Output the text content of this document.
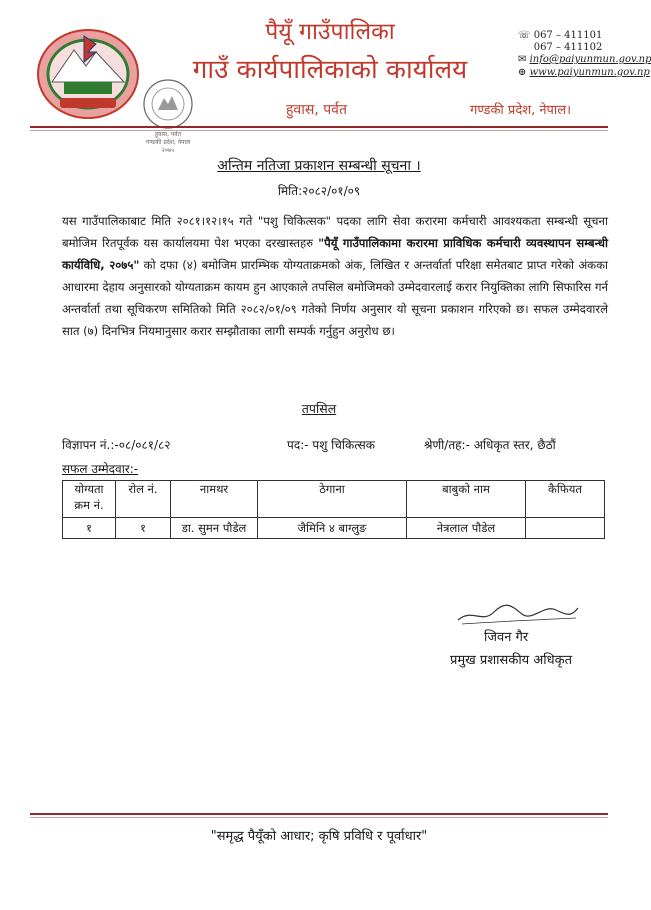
हुवास, पर्वत
गण्डकी प्रदेश, नेपाल
२०७५
पैयूँ गाउँपालिका
गाउँ कार्यपालिकाको कार्यालय
हुवास, पर्वत	गण्डकी प्रदेश, नेपाल।
☏ 067 – 411101
067 – 411102
✉ info@paiyunmun.gov.np
⊕ www.paiyunmun.gov.np
अन्तिम नतिजा प्रकाशन सम्बन्धी सूचना ।
मिति:२०८२/०१/०९
यस गाउँपालिकाबाट मिति २०८१।१२।१५ गते "पशु चिकित्सक" पदका लागि सेवा करारमा कर्मचारी आवश्यकता सम्बन्धी सूचना बमोजिम रितपूर्वक यस कार्यालयमा पेश भएका दरखास्तहरु "पैयूँ गाउँपालिकामा करारमा प्राविधिक कर्मचारी व्यवस्थापन सम्बन्धी कार्यविधि, २०७५" को दफा (४) बमोजिम प्रारम्भिक योग्यताक्रमको अंक, लिखित र अन्तर्वार्ता परिक्षा समेतबाट प्राप्त गरेको अंकका आधारमा देहाय अनुसारको योग्यताक्रम कायम हुन आएकाले तपसिल बमोजिमको उम्मेदवारलाई करार नियुक्तिका लागि सिफारिस गर्न अन्तर्वार्ता तथा सूचिकरण समितिको मिति २०८२/०१/०९ गतेको निर्णय अनुसार यो सूचना प्रकाशन गरिएको छ। सफल उम्मेदवारले सात (७) दिनभित्र नियमानुसार करार सम्झौताका लागी सम्पर्क गर्नुहुन अनुरोध छ।
तपसिल
विज्ञापन नं.:-०८/०८१/८२	पद:- पशु चिकित्सक	श्रेणी/तह:- अधिकृत स्तर, छैठौं
सफल उम्मेदवार:-
योग्यता क्रम नं.	रोल नं.	नामथर	ठेगाना	बाबुको नाम	कैफियत
१	१	डा. सुमन पौडेल	जैमिनि ४ बाग्लुङ	नेत्रलाल पौडेल	
जिवन गैर
प्रमुख प्रशासकीय अधिकृत
"समृद्ध पैयूँको आधार; कृषि प्रविधि र पूर्वाधार"
